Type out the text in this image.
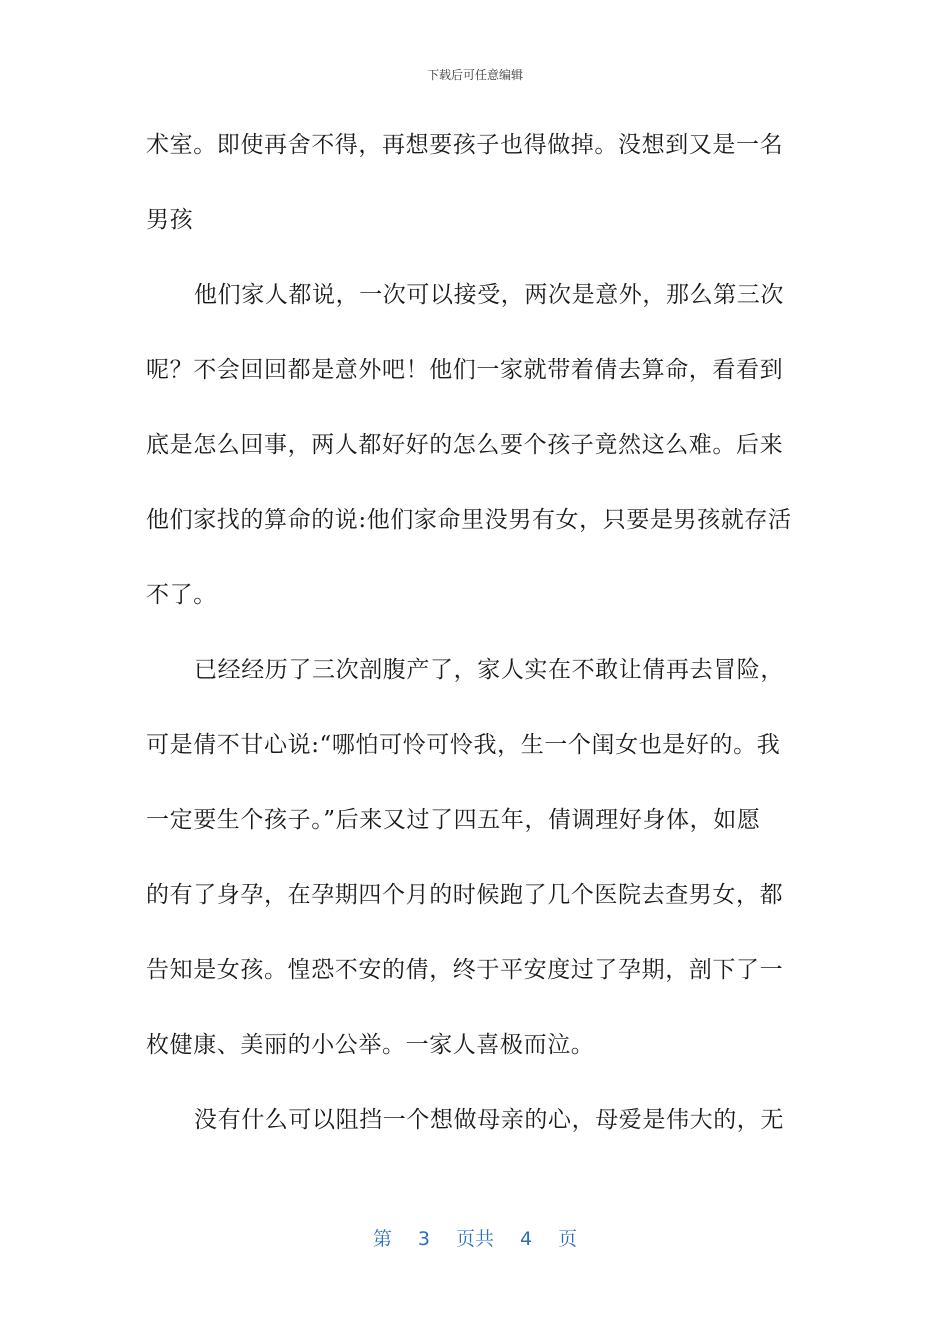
下载后可任意编辑
术室。即使再舍不得，再想要孩子也得做掉。没想到又是一名
男孩
他们家人都说，一次可以接受，两次是意外，那么第三次
呢？不会回回都是意外吧！他们一家就带着倩去算命，看看到
底是怎么回事，两人都好好的怎么要个孩子竟然这么难。后来
他们家找的算命的说:他们家命里没男有女，只要是男孩就存活
不了。
已经经历了三次剖腹产了，家人实在不敢让倩再去冒险，
可是倩不甘心说:“哪怕可怜可怜我，生一个闺女也是好的。我
一定要生个孩子。”后来又过了四五年，倩调理好身体，如愿
的有了身孕，在孕期四个月的时候跑了几个医院去查男女，都
告知是女孩。惶恐不安的倩，终于平安度过了孕期，剖下了一
枚健康、美丽的小公举。一家人喜极而泣。
没有什么可以阻挡一个想做母亲的心，母爱是伟大的，无
第 3 页共 4 页
